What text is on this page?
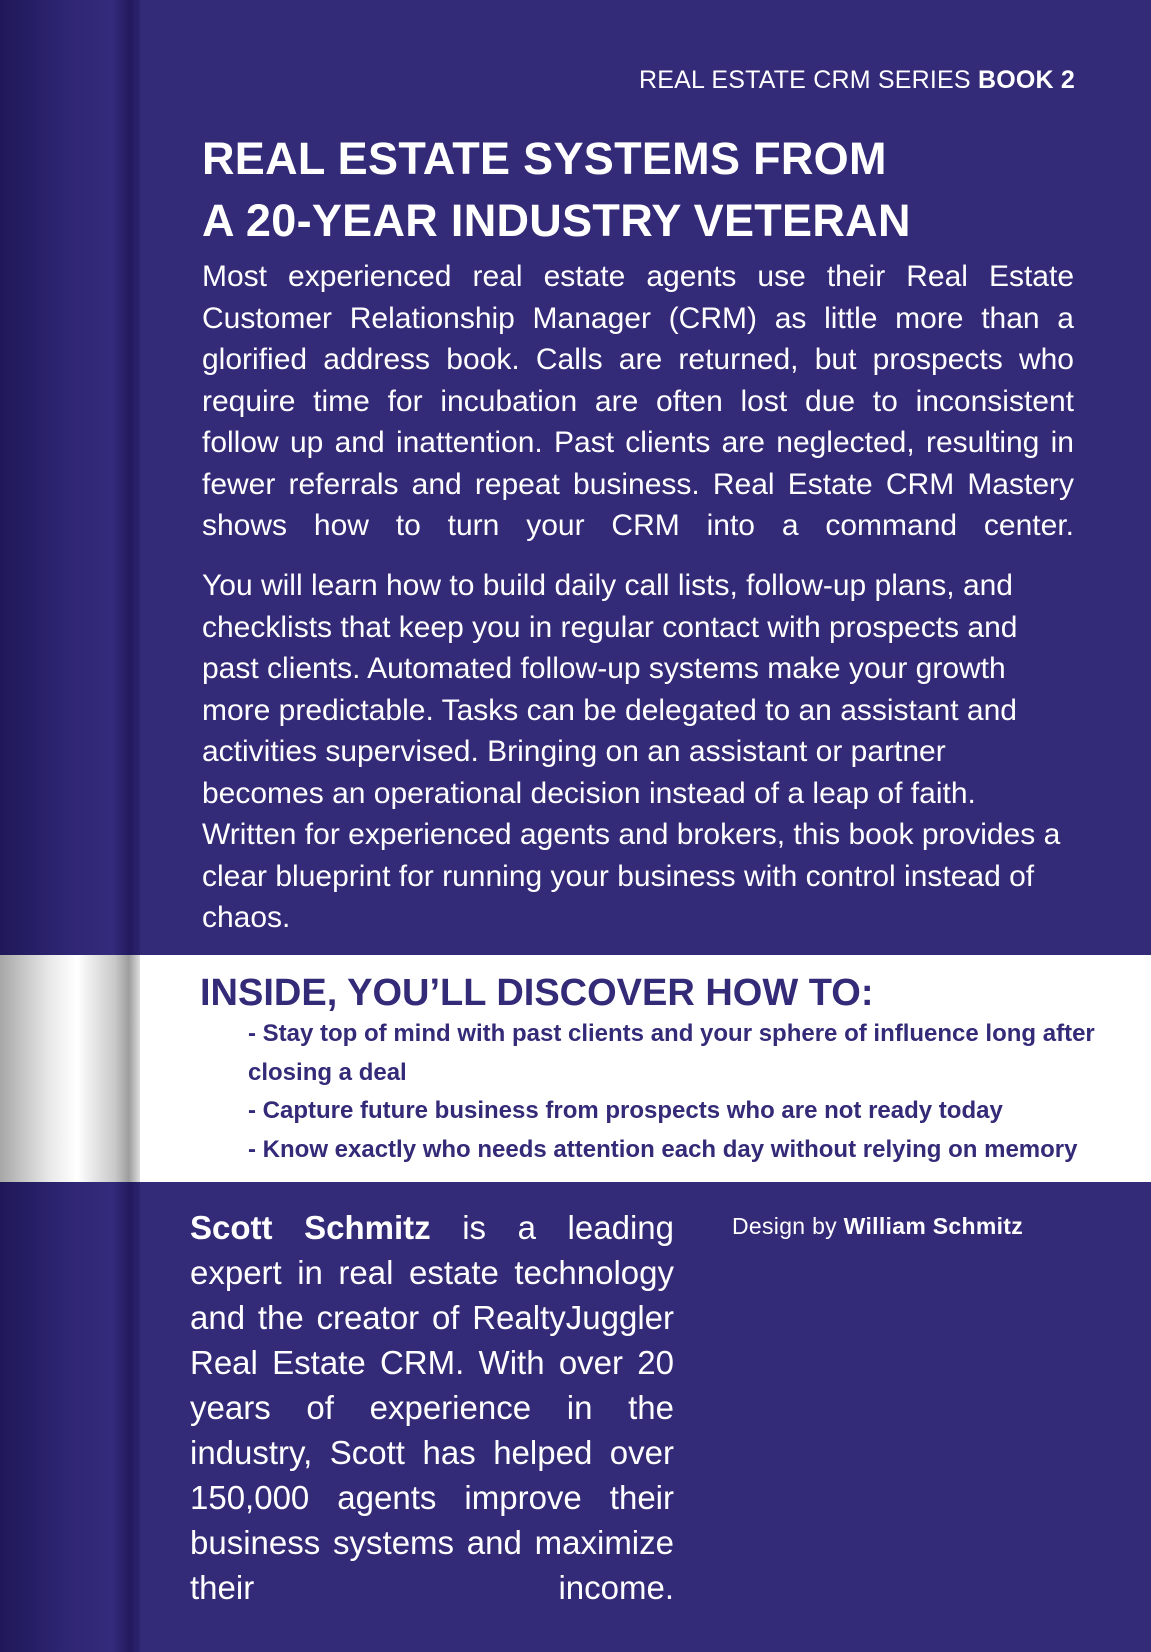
REAL ESTATE CRM SERIES BOOK 2
REAL ESTATE SYSTEMS FROM
A 20-YEAR INDUSTRY VETERAN

Most experienced real estate agents use their Real Estate Customer Relationship Manager (CRM) as little more than a glorified address book. Calls are returned, but prospects who require time for incubation are often lost due to inconsistent follow up and inattention. Past clients are neglected, resulting in fewer referrals and repeat business. Real Estate CRM Mastery shows how to turn your CRM into a command center.

You will learn how to build daily call lists, follow-up plans, and checklists that keep you in regular contact with prospects and past clients. Automated follow-up systems make your growth more predictable. Tasks can be delegated to an assistant and activities supervised. Bringing on an assistant or partner becomes an operational decision instead of a leap of faith. Written for experienced agents and brokers, this book provides a clear blueprint for running your business with control instead of chaos.

INSIDE, YOU’LL DISCOVER HOW TO:
- Stay top of mind with past clients and your sphere of influence long after closing a deal
- Capture future business from prospects who are not ready today
- Know exactly who needs attention each day without relying on memory

Scott Schmitz is a leading expert in real estate technology and the creator of RealtyJuggler Real Estate CRM. With over 20 years of experience in the industry, Scott has helped over 150,000 agents improve their business systems and maximize their income.

Design by William Schmitz
